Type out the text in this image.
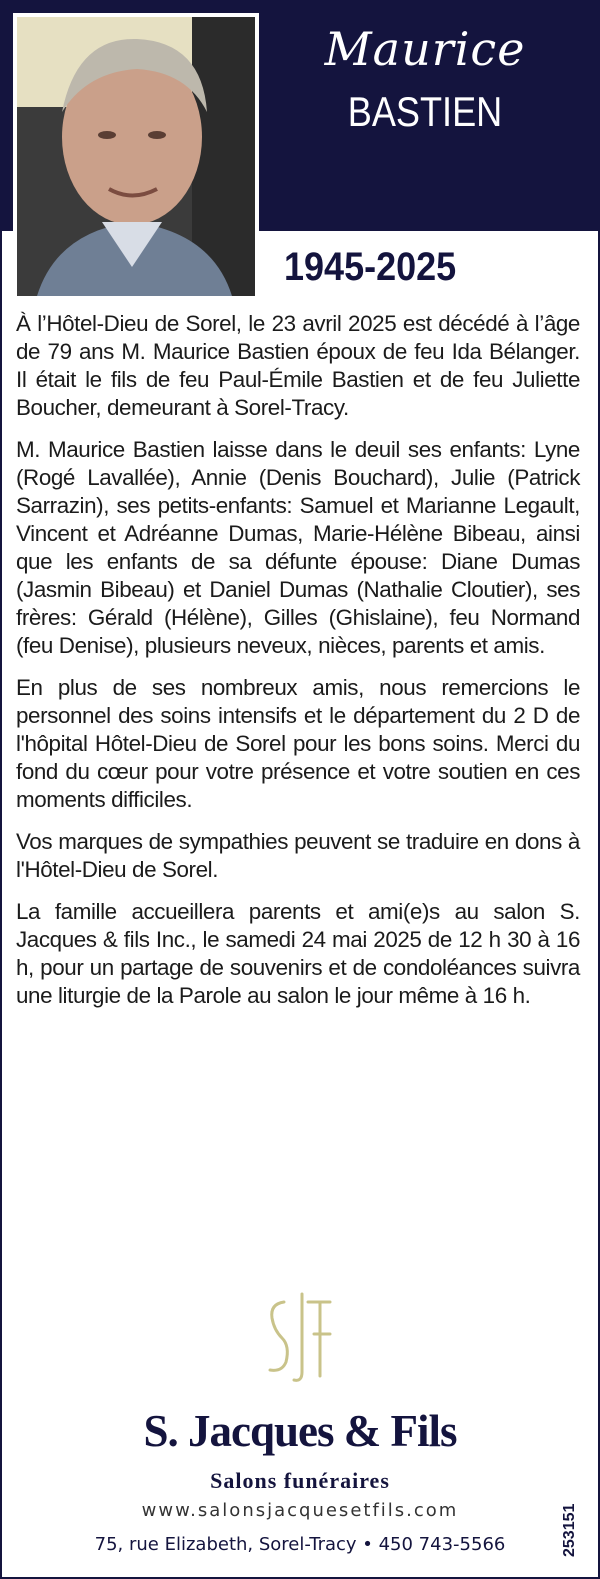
Maurice
BASTIEN
1945-2025

À l’Hôtel-Dieu de Sorel, le 23 avril 2025 est décédé à l’âge de 79 ans M. Maurice Bastien époux de feu Ida Bélanger. Il était le fils de feu Paul-Émile Bastien et de feu Juliette Boucher, demeurant à Sorel-Tracy.

M. Maurice Bastien laisse dans le deuil ses enfants: Lyne (Rogé Lavallée), Annie (Denis Bouchard), Julie (Patrick Sarrazin), ses petits-enfants: Samuel et Marianne Legault, Vincent et Adréanne Dumas, Marie-Hélène Bibeau, ainsi que les enfants de sa défunte épouse: Diane Dumas (Jasmin Bibeau) et Daniel Dumas (Nathalie Cloutier), ses frères: Gérald (Hélène), Gilles (Ghislaine), feu Normand (feu Denise), plusieurs neveux, nièces, parents et amis.

En plus de ses nombreux amis, nous remercions le personnel des soins intensifs et le département du 2 D de l'hôpital Hôtel-Dieu de Sorel pour les bons soins. Merci du fond du cœur pour votre présence et votre soutien en ces moments difficiles.

Vos marques de sympathies peuvent se traduire en dons à l'Hôtel-Dieu de Sorel.

La famille accueillera parents et ami(e)s au salon S. Jacques & fils Inc., le samedi 24 mai 2025 de 12 h 30 à 16 h, pour un partage de souvenirs et de condoléances suivra une liturgie de la Parole au salon le jour même à 16 h.

S. Jacques & Fils
Salons funéraires
www.salonsjacquesetfils.com
75, rue Elizabeth, Sorel-Tracy • 450 743-5566	253151
